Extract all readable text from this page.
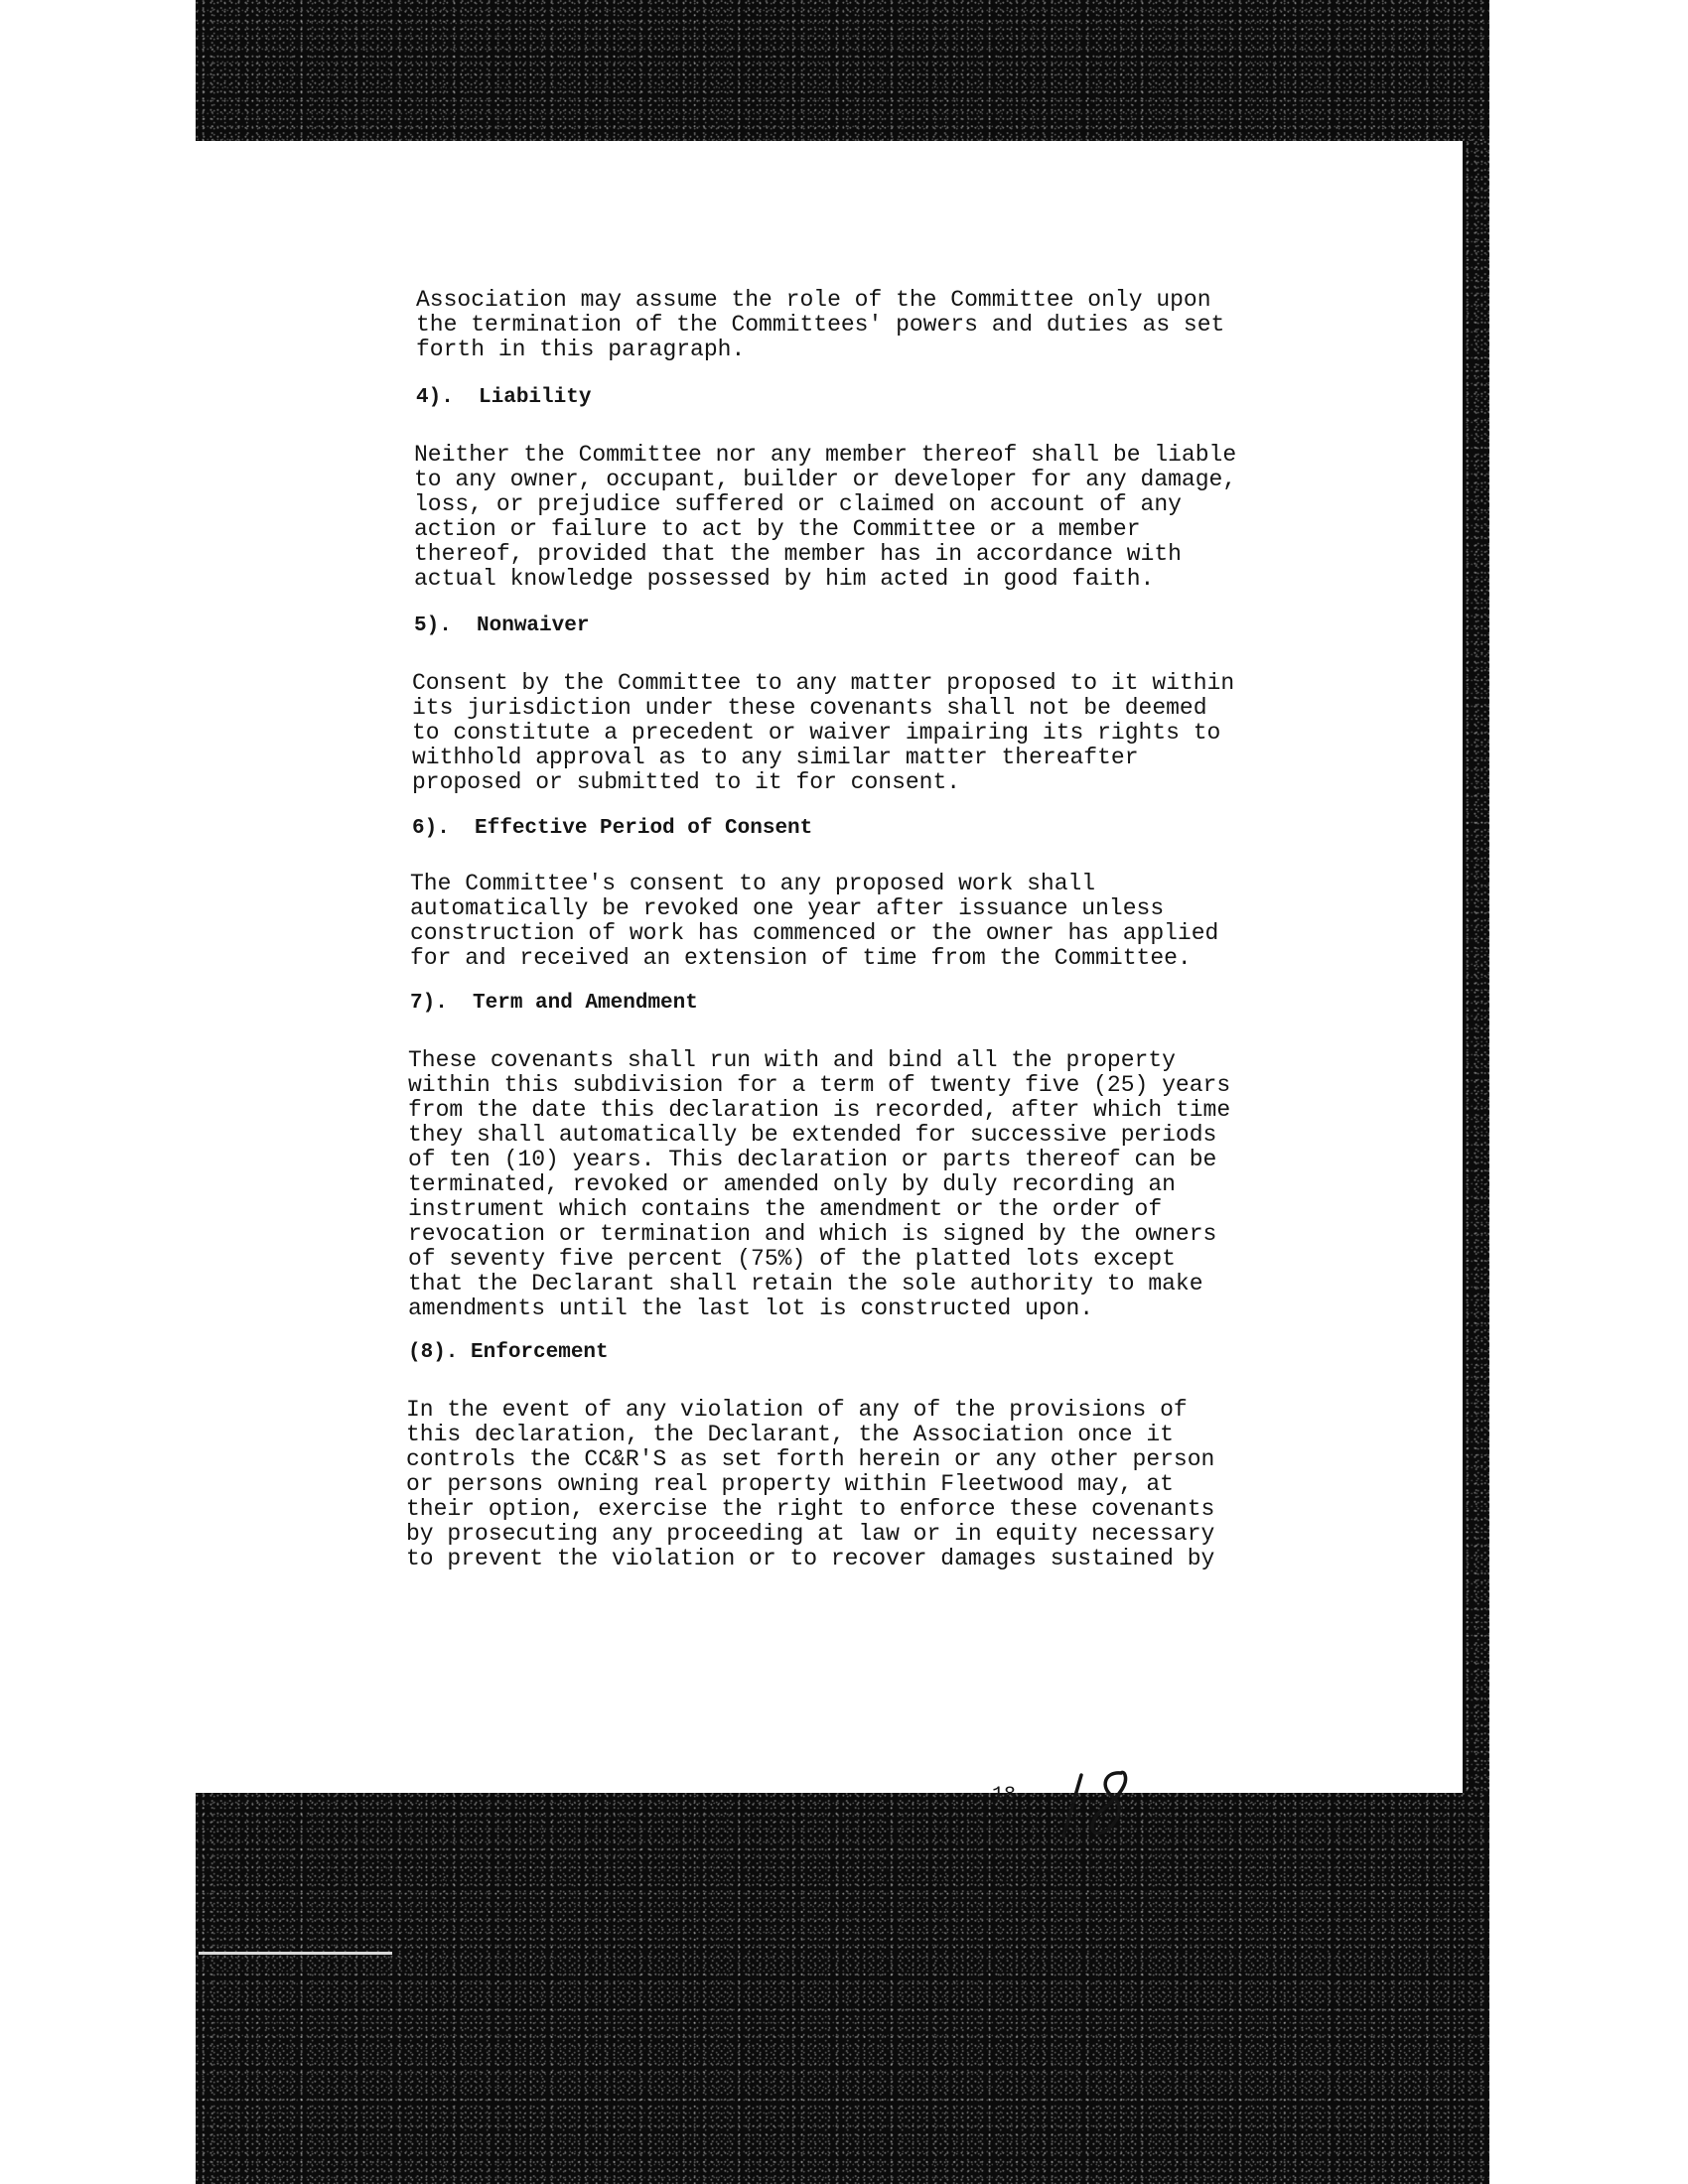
Association may assume the role of the Committee only upon
the termination of the Committees' powers and duties as set
forth in this paragraph.

4).  Liability

Neither the Committee nor any member thereof shall be liable
to any owner, occupant, builder or developer for any damage,
loss, or prejudice suffered or claimed on account of any
action or failure to act by the Committee or a member
thereof, provided that the member has in accordance with
actual knowledge possessed by him acted in good faith.

5).  Nonwaiver

Consent by the Committee to any matter proposed to it within
its jurisdiction under these covenants shall not be deemed
to constitute a precedent or waiver impairing its rights to
withhold approval as to any similar matter thereafter
proposed or submitted to it for consent.

6).  Effective Period of Consent

The Committee's consent to any proposed work shall
automatically be revoked one year after issuance unless
construction of work has commenced or the owner has applied
for and received an extension of time from the Committee.

7).  Term and Amendment

These covenants shall run with and bind all the property
within this subdivision for a term of twenty five (25) years
from the date this declaration is recorded, after which time
they shall automatically be extended for successive periods
of ten (10) years. This declaration or parts thereof can be
terminated, revoked or amended only by duly recording an
instrument which contains the amendment or the order of
revocation or termination and which is signed by the owners
of seventy five percent (75%) of the platted lots except
that the Declarant shall retain the sole authority to make
amendments until the last lot is constructed upon.

(8). Enforcement

In the event of any violation of any of the provisions of
this declaration, the Declarant, the Association once it
controls the CC&R'S as set forth herein or any other person
or persons owning real property within Fleetwood may, at
their option, exercise the right to enforce these covenants
by prosecuting any proceeding at law or in equity necessary
to prevent the violation or to recover damages sustained by

-18-
